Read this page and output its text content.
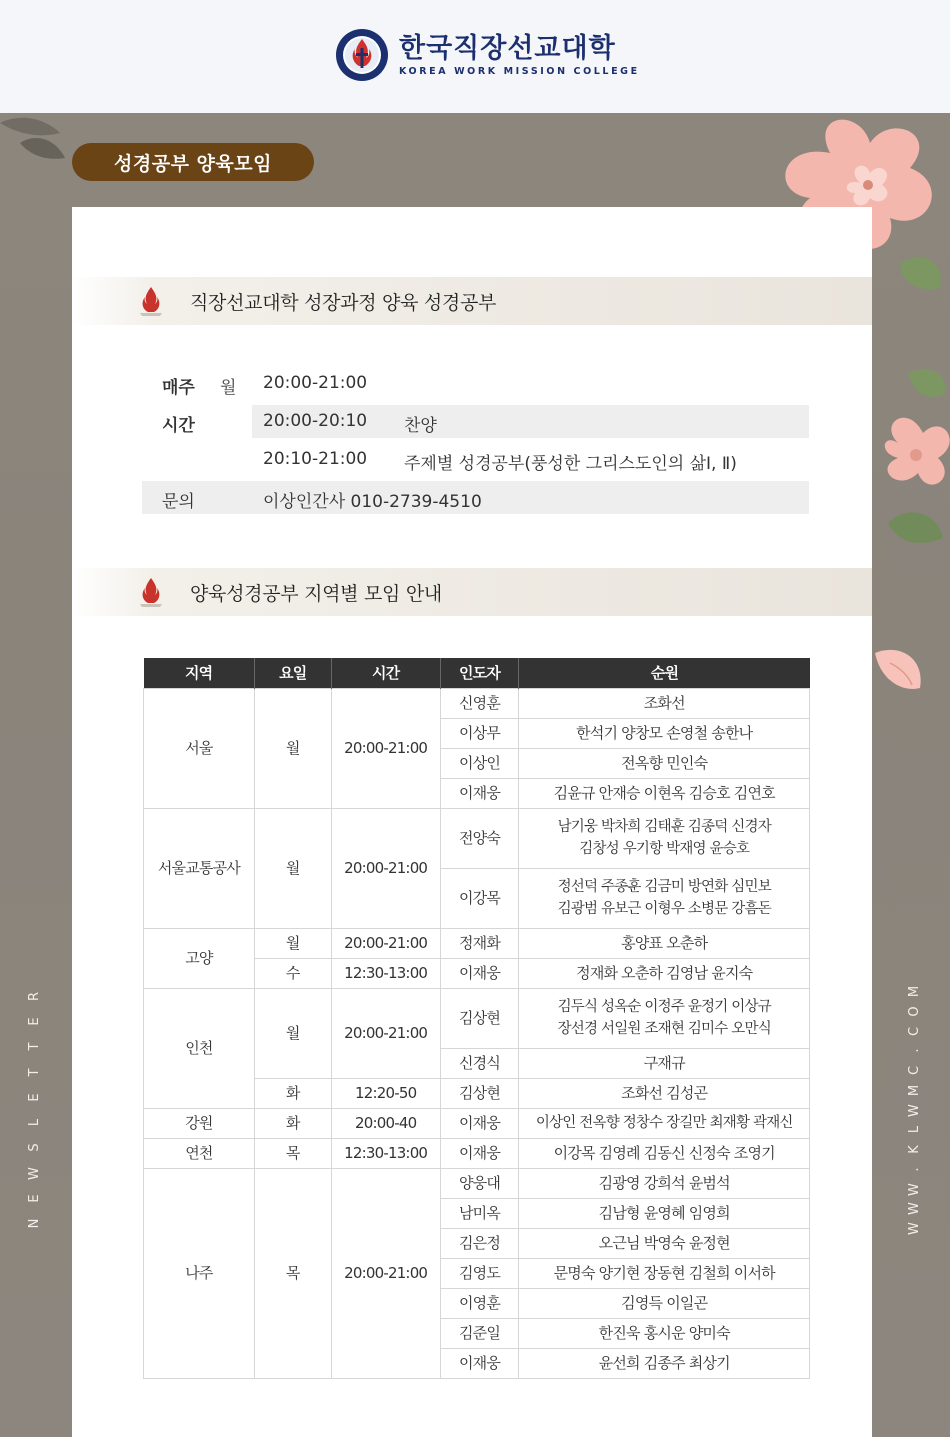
한국직장선교대학
KOREA WORK MISSION COLLEGE
성경공부 양육모임
R
E
T
T
E
L
S
W
E
N
M
O
C
.
C
M
W
L
K
.
W
W
W
직장선교대학 성장과정 양육 성경공부
매주 월 20:00-21:00
20:00-20:10 찬양
시간
20:10-21:00 주제별 성경공부(풍성한 그리스도인의 삶Ⅰ, Ⅱ)
문의	이상인간사 010-2739-4510
양육성경공부 지역별 모임 안내
지역	요일	시간	인도자	순원
서울	월	20:00-21:00	신영훈	조화선
			이상무	한석기 양창모 손영철 송한나
			이상인	전옥향 민인숙
			이재웅	김윤규 안재승 이현옥 김승호 김연호
서울교통공사	월	20:00-21:00	전양숙	남기웅 박차희 김태훈 김종덕 신경자
김창성 우기항 박재영 윤승호

			이강목	정선덕 주종훈 김금미 방연화 심민보
김광범 유보근 이형우 소병문 강흠돈

고양	월	20:00-21:00	정재화	홍양표 오춘하
	수	12:30-13:00	이재웅	정재화 오춘하 김영남 윤지숙
인천	월	20:00-21:00	김상현	김두식 성옥순 이정주 윤정기 이상규
장선경 서일원 조재현 김미수 오만식

			신경식	구재규
	화	12:20-50	김상현	조화선 김성곤
강원	화	20:00-40	이재웅	이상인 전옥향 정창수 장길만 최재황 곽재신
연천	목	12:30-13:00	이재웅	이강목 김영례 김동신 신정숙 조영기
나주	목	20:00-21:00	양웅대	김광영 강희석 윤범석
			남미옥	김남형 윤영혜 임영희
			김은정	오근님 박영숙 윤정현
			김영도	문명숙 양기현 장동현 김철희 이서하
			이영훈	김영득 이일곤
			김준일	한진욱 홍시운 양미숙
			이재웅	윤선희 김종주 최상기
